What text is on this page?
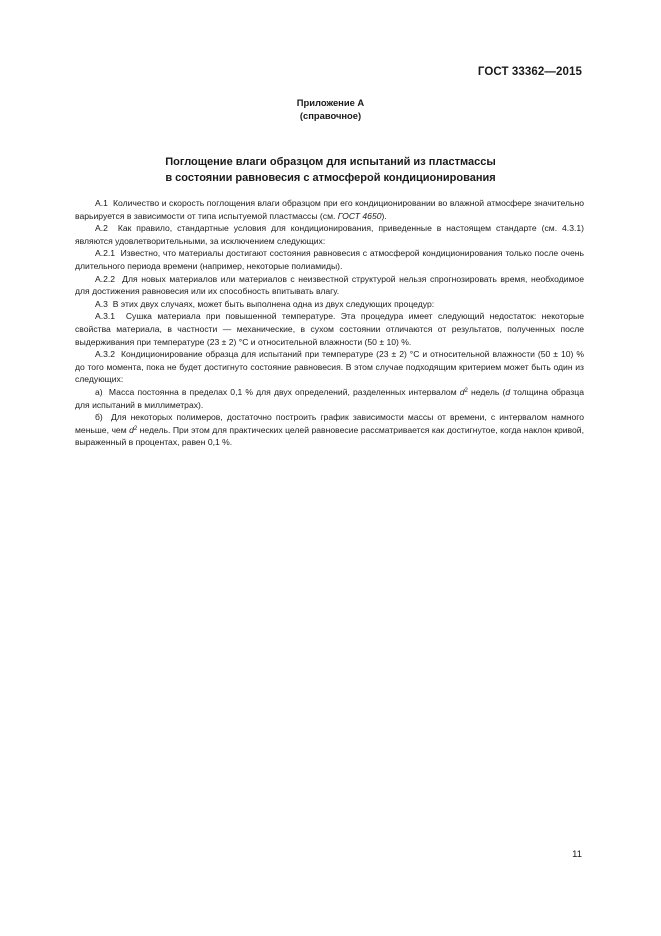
ГОСТ 33362—2015
Приложение А
(справочное)
Поглощение влаги образцом для испытаний из пластмассы
в состоянии равновесия с атмосферой кондиционирования

А.1 Количество и скорость поглощения влаги образцом при его кондиционировании во влажной атмосфере значительно варьируется в зависимости от типа испытуемой пластмассы (см. ГОСТ 4650).

А.2 Как правило, стандартные условия для кондиционирования, приведенные в настоящем стандарте (см. 4.3.1) являются удовлетворительными, за исключением следующих:

А.2.1 Известно, что материалы достигают состояния равновесия с атмосферой кондиционирования только после очень длительного периода времени (например, некоторые полиамиды).

А.2.2 Для новых материалов или материалов с неизвестной структурой нельзя спрогнозировать время, необходимое для достижения равновесия или их способность впитывать влагу.

А.3 В этих двух случаях, может быть выполнена одна из двух следующих процедур:

А.3.1 Сушка материала при повышенной температуре. Эта процедура имеет следующий недостаток: некоторые свойства материала, в частности — механические, в сухом состоянии отличаются от результатов, полученных после выдерживания при температуре (23 ± 2) °С и относительной влажности (50 ± 10) %.

А.3.2 Кондиционирование образца для испытаний при температуре (23 ± 2) °С и относительной влажности (50 ± 10) % до того момента, пока не будет достигнуто состояние равновесия. В этом случае подходящим критерием может быть один из следующих:

а) Масса постоянна в пределах 0,1 % для двух определений, разделенных интервалом $d^2$ недель (d толщина образца для испытаний в миллиметрах).

б) Для некоторых полимеров, достаточно построить график зависимости массы от времени, с интервалом намного меньше, чем $d^2$ недель. При этом для практических целей равновесие рассматривается как достигнутое, когда наклон кривой, выраженный в процентах, равен 0,1 %.

11
